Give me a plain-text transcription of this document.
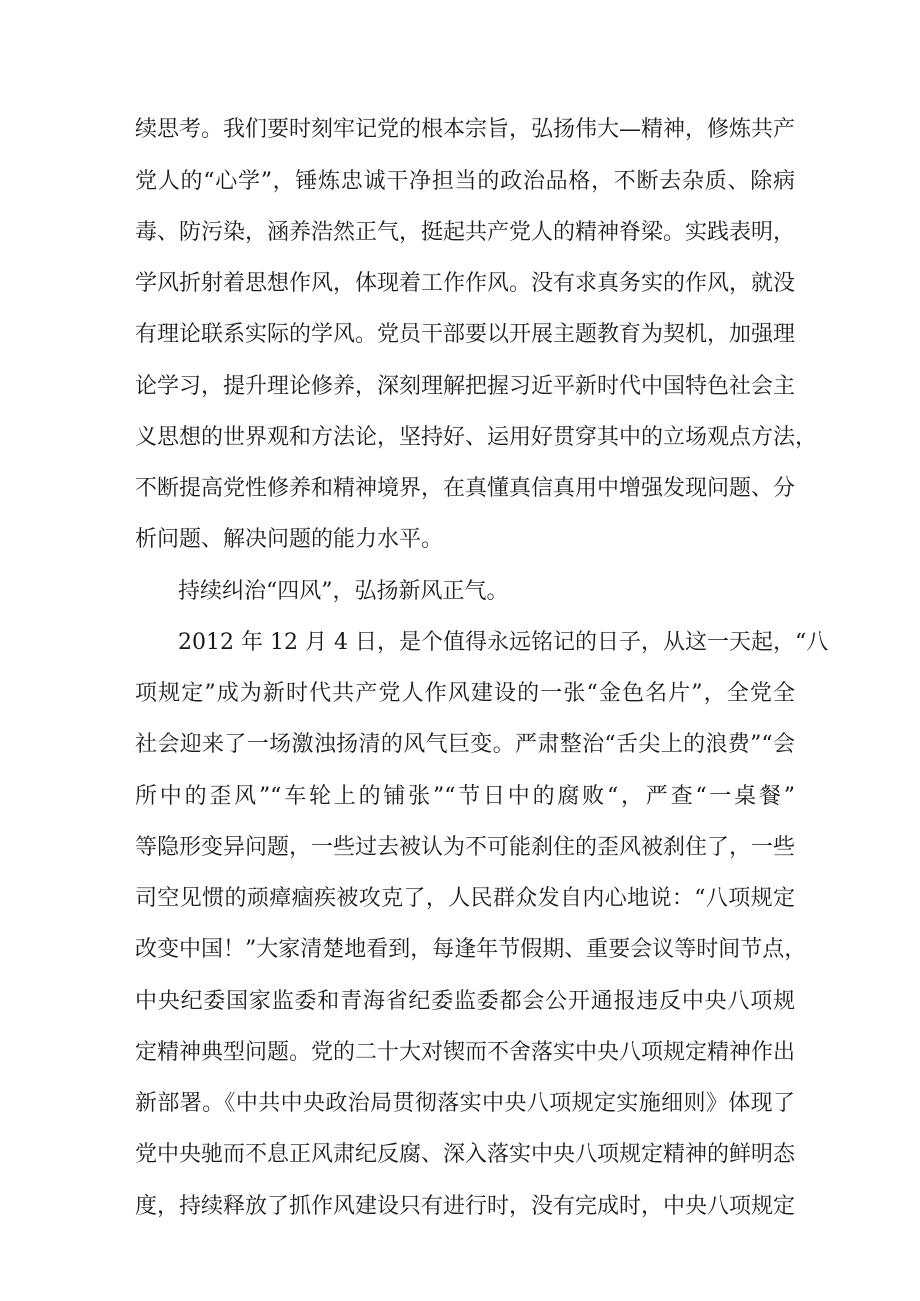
续思考。我们要时刻牢记党的根本宗旨，弘扬伟大—精神，修炼共产
党人的“心学”，锤炼忠诚干净担当的政治品格，不断去杂质、除病
毒、防污染，涵养浩然正气，挺起共产党人的精神脊梁。实践表明，
学风折射着思想作风，体现着工作作风。没有求真务实的作风，就没
有理论联系实际的学风。党员干部要以开展主题教育为契机，加强理
论学习，提升理论修养，深刻理解把握习近平新时代中国特色社会主
义思想的世界观和方法论，坚持好、运用好贯穿其中的立场观点方法，
不断提高党性修养和精神境界，在真懂真信真用中增强发现问题、分
析问题、解决问题的能力水平。
持续纠治“四风”，弘扬新风正气。
2012 年 12 月 4 日，是个值得永远铭记的日子，从这一天起，“八
项规定”成为新时代共产党人作风建设的一张“金色名片”，全党全
社会迎来了一场激浊扬清的风气巨变。严肃整治“舌尖上的浪费”“会
所中的歪风”“车轮上的铺张”“节日中的腐败“，严查“一桌餐”
等隐形变异问题，一些过去被认为不可能刹住的歪风被刹住了，一些
司空见惯的顽瘴痼疾被攻克了，人民群众发自内心地说：“八项规定
改变中国！”大家清楚地看到，每逢年节假期、重要会议等时间节点，
中央纪委国家监委和青海省纪委监委都会公开通报违反中央八项规
定精神典型问题。党的二十大对锲而不舍落实中央八项规定精神作出
新部署。《中共中央政治局贯彻落实中央八项规定实施细则》体现了
党中央驰而不息正风肃纪反腐、深入落实中央八项规定精神的鲜明态
度，持续释放了抓作风建设只有进行时，没有完成时，中央八项规定
